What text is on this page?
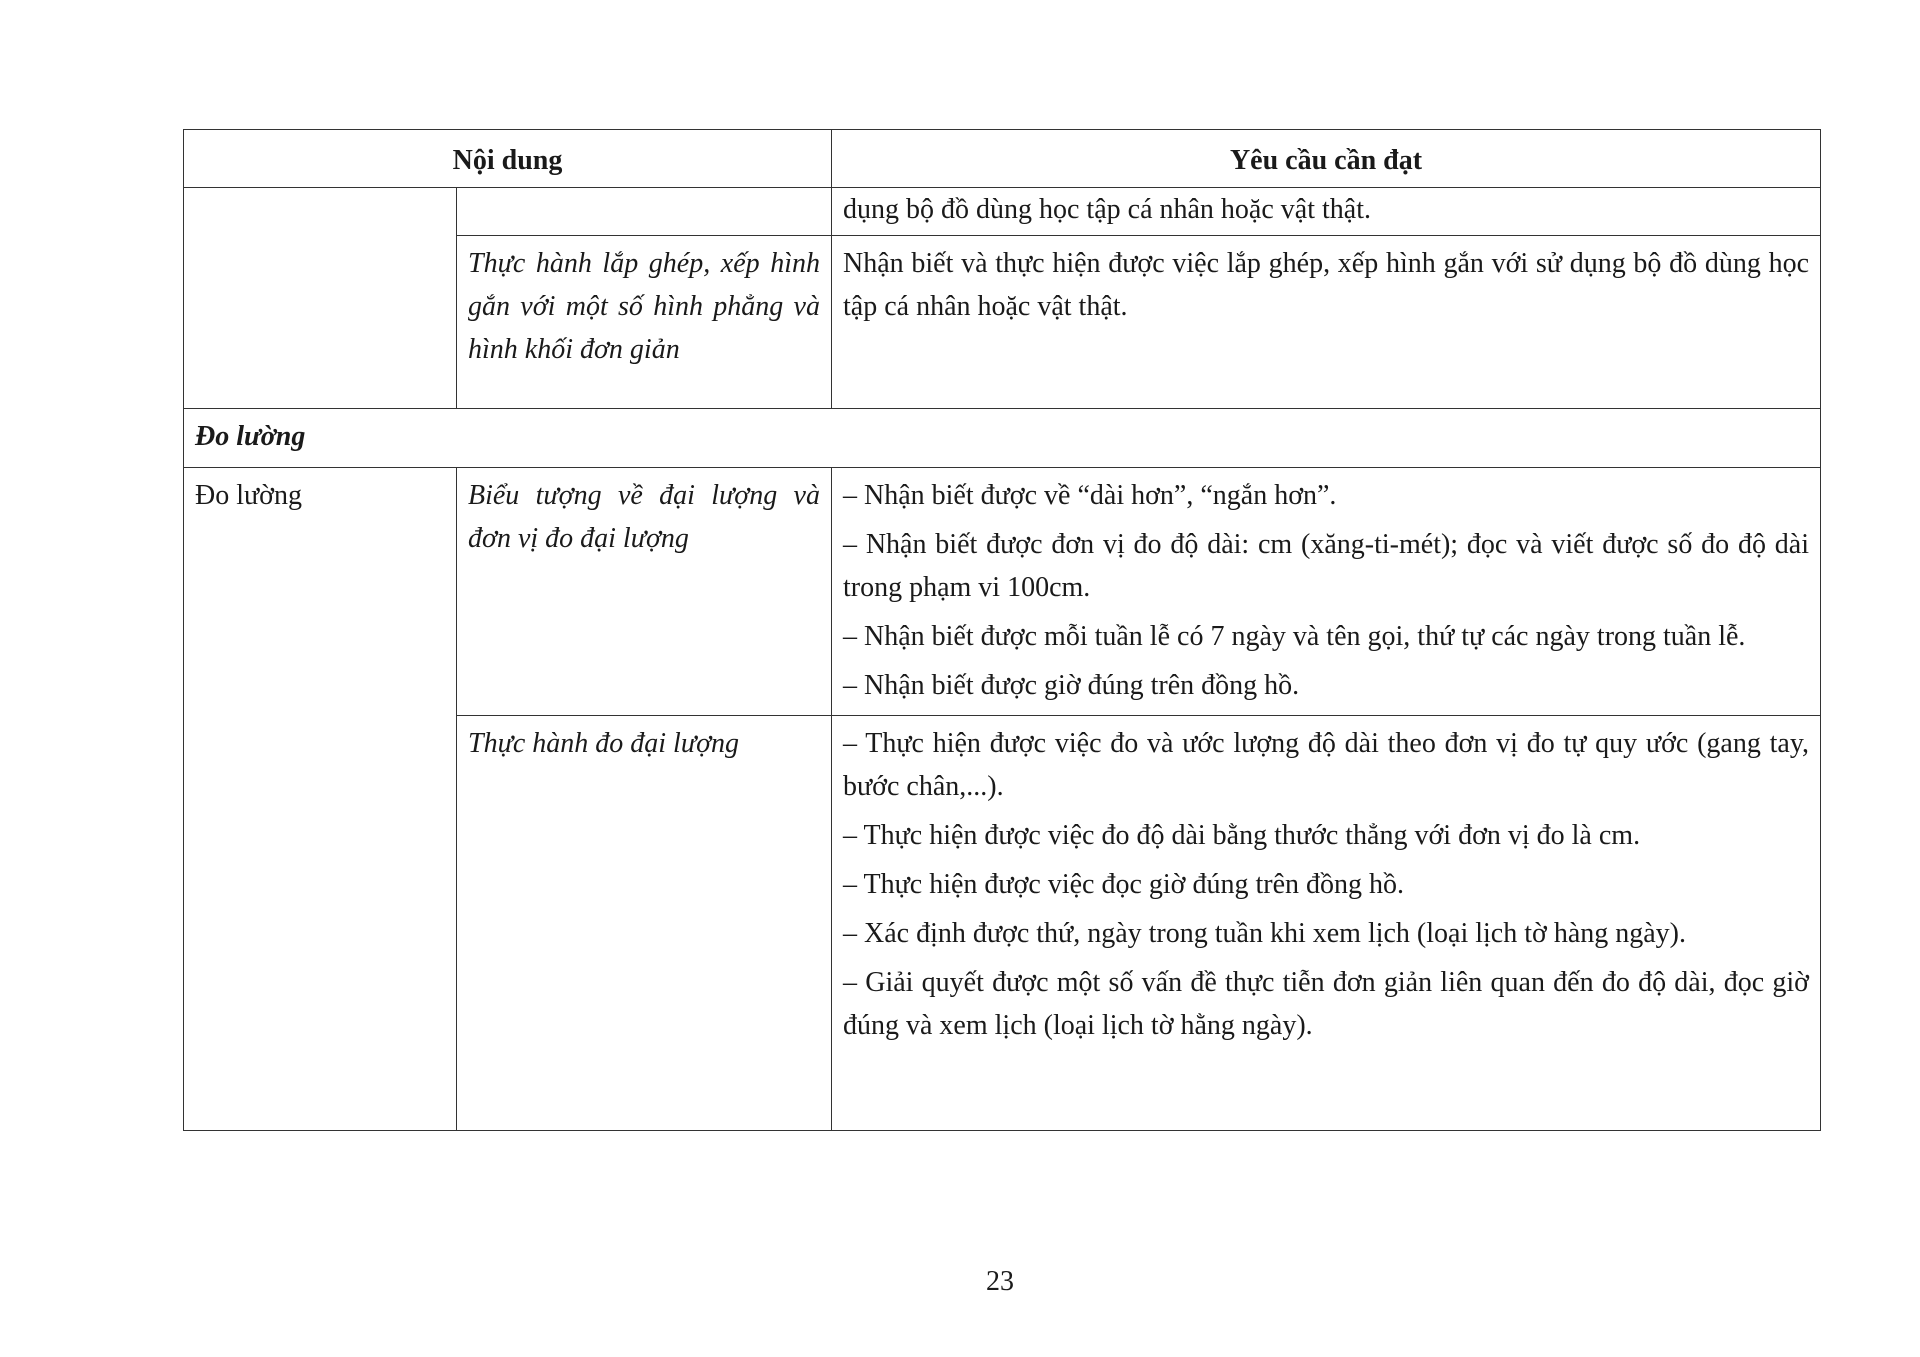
Nội dung		Yêu cầu cần đạt

		dụng bộ đồ dùng học tập cá nhân hoặc vật thật.

	Thực hành lắp ghép, xếp hình gắn với một số hình phẳng và hình khối đơn giản	Nhận biết và thực hiện được việc lắp ghép, xếp hình gắn với sử dụng bộ đồ dùng học tập cá nhân hoặc vật thật.
Đo lường		
Đo lường	Biểu tượng về đại lượng và đơn vị đo đại lượng	– Nhận biết được về “dài hơn”, “ngắn hơn”.
– Nhận biết được đơn vị đo độ dài: cm (xăng-ti-mét); đọc và viết được số đo độ dài trong phạm vi 100cm.
– Nhận biết được mỗi tuần lễ có 7 ngày và tên gọi, thứ tự các ngày trong tuần lễ.
– Nhận biết được giờ đúng trên đồng hồ.

	Thực hành đo đại lượng	– Thực hiện được việc đo và ước lượng độ dài theo đơn vị đo tự quy ước (gang tay, bước chân,...).
– Thực hiện được việc đo độ dài bằng thước thẳng với đơn vị đo là cm.
– Thực hiện được việc đọc giờ đúng trên đồng hồ.
– Xác định được thứ, ngày trong tuần khi xem lịch (loại lịch tờ hàng ngày).
– Giải quyết được một số vấn đề thực tiễn đơn giản liên quan đến đo độ dài, đọc giờ đúng và xem lịch (loại lịch tờ hằng ngày).
23
